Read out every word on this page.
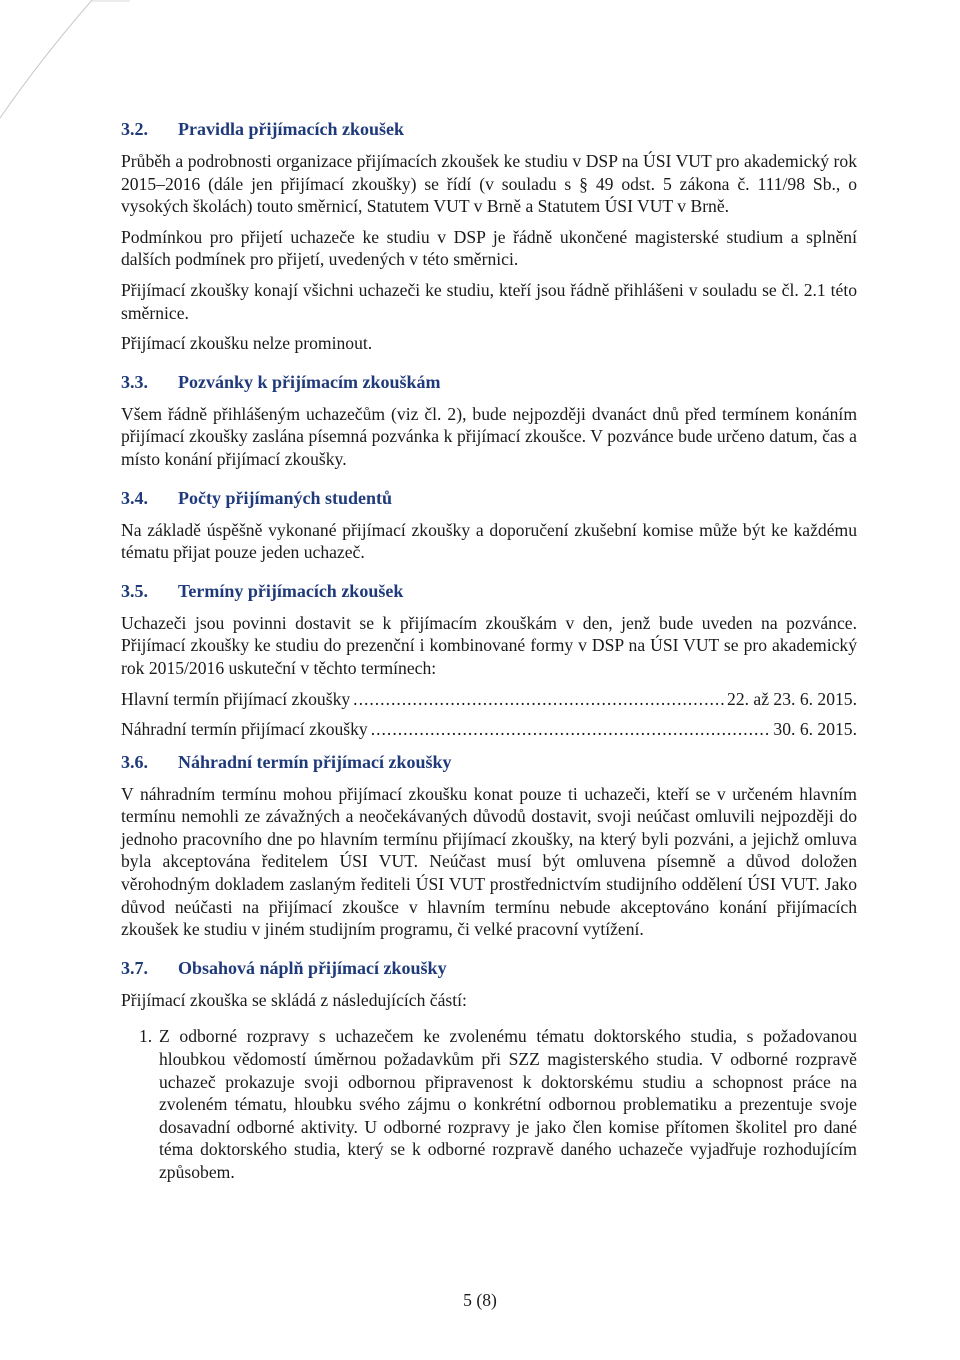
3.2.	Pravidla přijímacích zkoušek

Průběh a podrobnosti organizace přijímacích zkoušek ke studiu v DSP na ÚSI VUT pro akademický rok 2015–2016 (dále jen přijímací zkoušky) se řídí (v souladu s § 49 odst. 5 zákona č. 111/98 Sb., o vysokých školách) touto směrnicí, Statutem VUT v Brně a Statutem ÚSI VUT v Brně.

Podmínkou pro přijetí uchazeče ke studiu v DSP je řádně ukončené magisterské studium a splnění dalších podmínek pro přijetí, uvedených v této směrnici.

Přijímací zkoušky konají všichni uchazeči ke studiu, kteří jsou řádně přihlášeni v souladu se čl. 2.1 této směrnice.

Přijímací zkoušku nelze prominout.

3.3.	Pozvánky k přijímacím zkouškám

Všem řádně přihlášeným uchazečům (viz čl. 2), bude nejpozději dvanáct dnů před termínem konáním přijímací zkoušky zaslána písemná pozvánka k přijímací zkoušce. V pozvánce bude určeno datum, čas a místo konání přijímací zkoušky.

3.4.	Počty přijímaných studentů

Na základě úspěšně vykonané přijímací zkoušky a doporučení zkušební komise může být ke každému tématu přijat pouze jeden uchazeč.

3.5.	Termíny přijímacích zkoušek

Uchazeči jsou povinni dostavit se k přijímacím zkouškám v den, jenž bude uveden na pozvánce. Přijímací zkoušky ke studiu do prezenční i kombinované formy v DSP na ÚSI VUT se pro akademický rok 2015/2016 uskuteční v těchto termínech:

Hlavní termín přijímací zkoušky .....	22. až 23. 6. 2015.
Náhradní termín přijímací zkoušky .....	30. 6. 2015.
3.6.	Náhradní termín přijímací zkoušky

V náhradním termínu mohou přijímací zkoušku konat pouze ti uchazeči, kteří se v určeném hlavním termínu nemohli ze závažných a neočekávaných důvodů dostavit, svoji neúčast omluvili nejpozději do jednoho pracovního dne po hlavním termínu přijímací zkoušky, na který byli pozváni, a jejichž omluva byla akceptována ředitelem ÚSI VUT. Neúčast musí být omluvena písemně a důvod doložen věrohodným dokladem zaslaným řediteli ÚSI VUT prostřednictvím studijního oddělení ÚSI VUT. Jako důvod neúčasti na přijímací zkoušce v hlavním termínu nebude akceptováno konání přijímacích zkoušek ke studiu v jiném studijním programu, či velké pracovní vytížení.

3.7.	Obsahová náplň přijímací zkoušky

Přijímací zkouška se skládá z následujících částí:

1. Z odborné rozpravy s uchazečem ke zvolenému tématu doktorského studia, s požadovanou hloubkou vědomostí úměrnou požadavkům při SZZ magisterského studia. V odborné rozpravě uchazeč prokazuje svoji odbornou připravenost k doktorskému studiu a schopnost práce na zvoleném tématu, hloubku svého zájmu o konkrétní odbornou problematiku a prezentuje svoje dosavadní odborné aktivity. U odborné rozpravy je jako člen komise přítomen školitel pro dané téma doktorského studia, který se k odborné rozpravě daného uchazeče vyjadřuje rozhodujícím způsobem.
5 (8)
